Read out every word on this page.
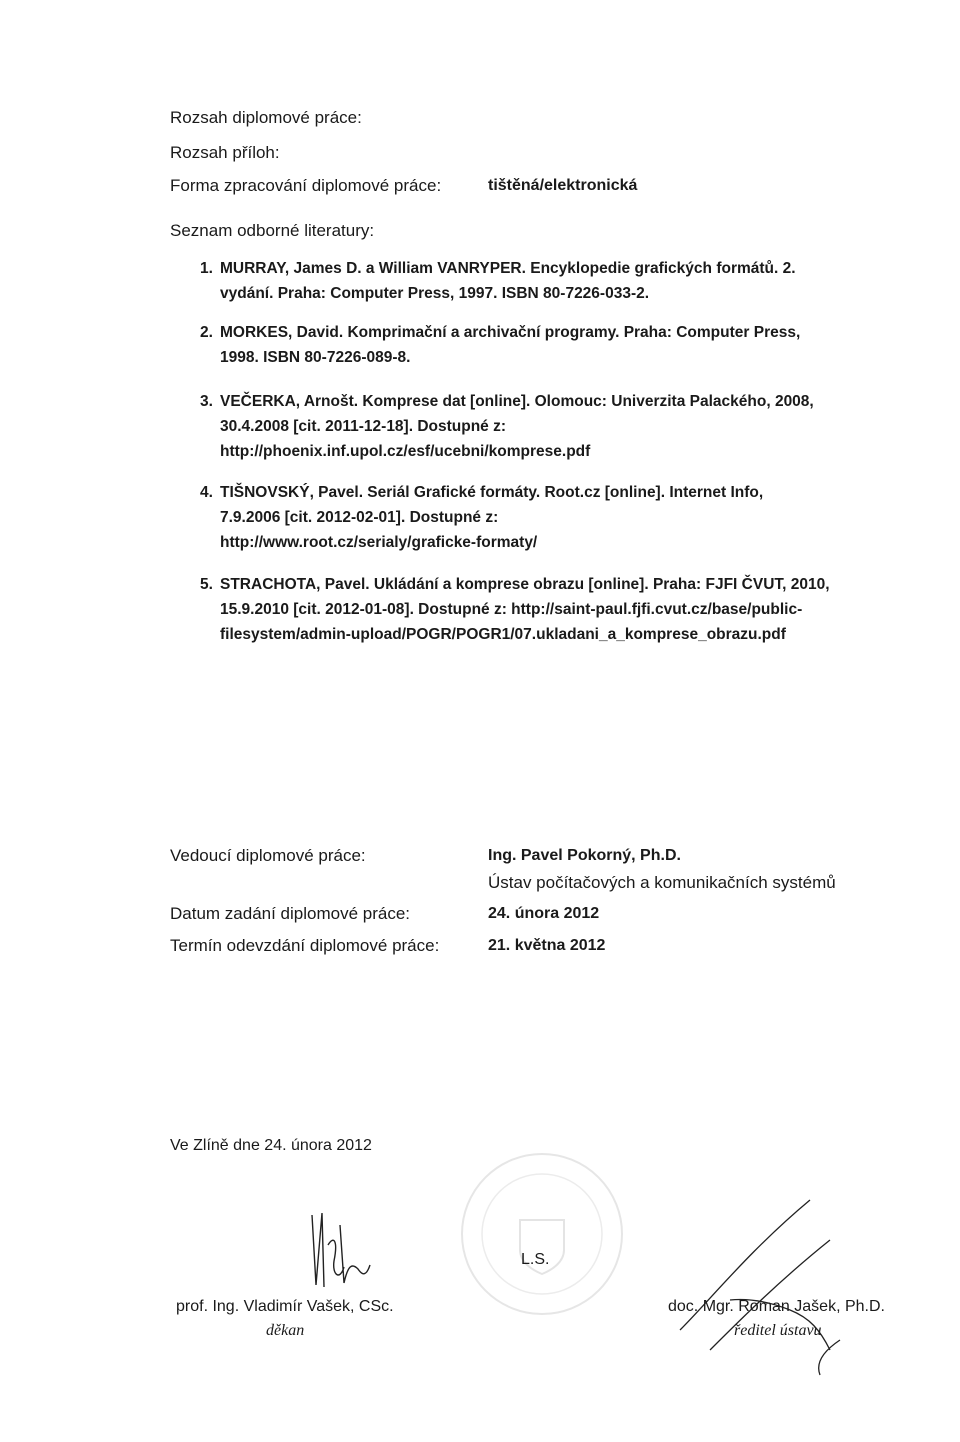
Rozsah diplomové práce:
Rozsah příloh:
Forma zpracování diplomové práce:	tištěná/elektronická
Seznam odborné literatury:
1. MURRAY, James D. a William VANRYPER. Encyklopedie grafických formátů. 2.
vydání. Praha: Computer Press, 1997. ISBN 80-7226-033-2.
2. MORKES, David. Komprimační a archivační programy. Praha: Computer Press,
1998. ISBN 80-7226-089-8.
3. VEČERKA, Arnošt. Komprese dat [online]. Olomouc: Univerzita Palackého, 2008,
30.4.2008 [cit. 2011-12-18]. Dostupné z:
http://phoenix.inf.upol.cz/esf/ucebni/komprese.pdf
4. TIŠNOVSKÝ, Pavel. Seriál Grafické formáty. Root.cz [online]. Internet Info,
7.9.2006 [cit. 2012-02-01]. Dostupné z:
http://www.root.cz/serialy/graficke-formaty/
5. STRACHOTA, Pavel. Ukládání a komprese obrazu [online]. Praha: FJFI ČVUT, 2010,
15.9.2010 [cit. 2012-01-08]. Dostupné z: http://saint-paul.fjfi.cvut.cz/base/public-
filesystem/admin-upload/POGR/POGR1/07.ukladani_a_komprese_obrazu.pdf
Vedoucí diplomové práce:	Ing. Pavel Pokorný, Ph.D.
Ústav počítačových a komunikačních systémů
Datum zadání diplomové práce:	24. února 2012
Termín odevzdání diplomové práce:	21. května 2012
Ve Zlíně dne 24. února 2012
L.S.
prof. Ing. Vladimír Vašek, CSc.
děkan
doc. Mgr. Roman Jašek, Ph.D.
ředitel ústavu
